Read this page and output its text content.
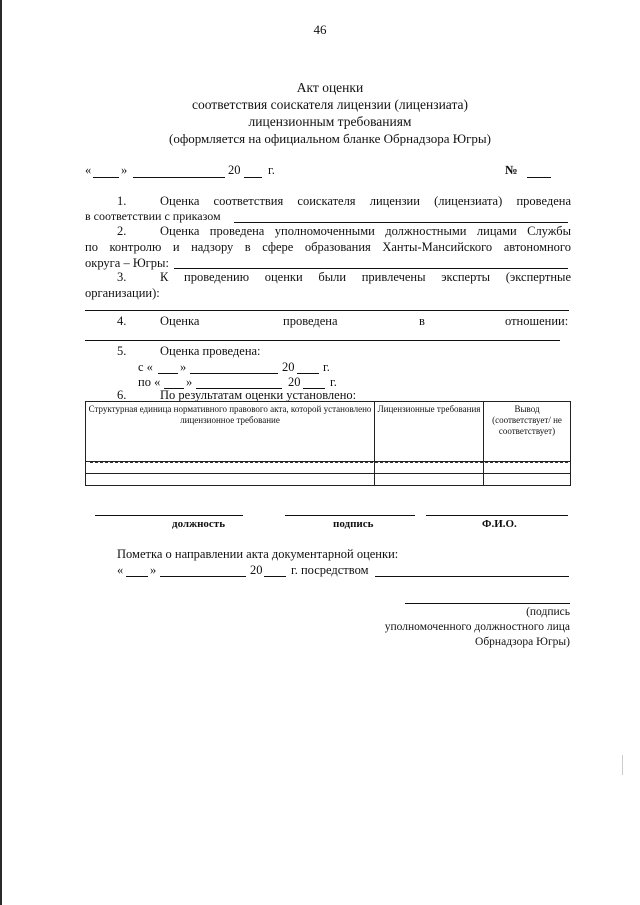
46
Акт оценки
соответствия соискателя лицензии (лицензиата)
лицензионным требованиям
(оформляется на официальном бланке Обрнадзора Югры)
« »	20 г.	№
1.	Оценка соответствия соискателя лицензии (лицензиата) проведена
в соответствии с приказом
2.	Оценка проведена уполномоченными должностными лицами Службы
по контролю и надзору в сфере образования Ханты-Мансийского автономного
округа – Югры:
3.	К проведению оценки были привлечены эксперты (экспертные
организации):
4.	Оценка	проведена	в	отношении:
5.	Оценка проведена:
с « »	20 г.
по « »	20 г.
6.	По результатам оценки установлено:
Структурная единица нормативного правового акта, которой установлено лицензионное требование	Лицензионные требования	Вывод (соответствует/ не соответствует)

должность	подпись	Ф.И.О.
Пометка о направлении акта документарной оценки:
« »	20 г. посредством
(подпись
уполномоченного должностного лица
Обрнадзора Югры)
